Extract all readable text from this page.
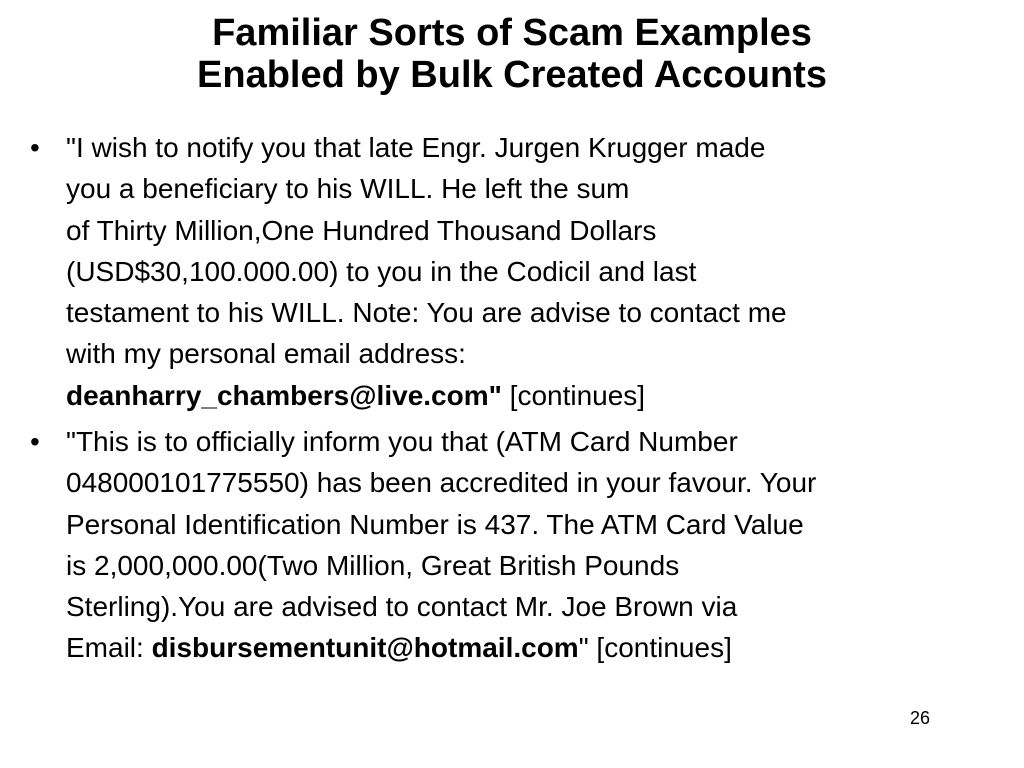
Familiar Sorts of Scam Examples
Enabled by Bulk Created Accounts
• "I wish to notify you that late Engr. Jurgen Krugger made
you a beneficiary to his WILL. He left the sum
of Thirty Million,One Hundred Thousand Dollars
(USD$30,100.000.00) to you in the Codicil and last
testament to his WILL. Note: You are advise to contact me
with my personal email address:
deanharry_chambers@live.com" [continues]
• "This is to officially inform you that (ATM Card Number
048000101775550) has been accredited in your favour. Your
Personal Identification Number is 437. The ATM Card Value
is 2,000,000.00(Two Million, Great British Pounds
Sterling).You are advised to contact Mr. Joe Brown via
Email: disbursementunit@hotmail.com" [continues]
26
